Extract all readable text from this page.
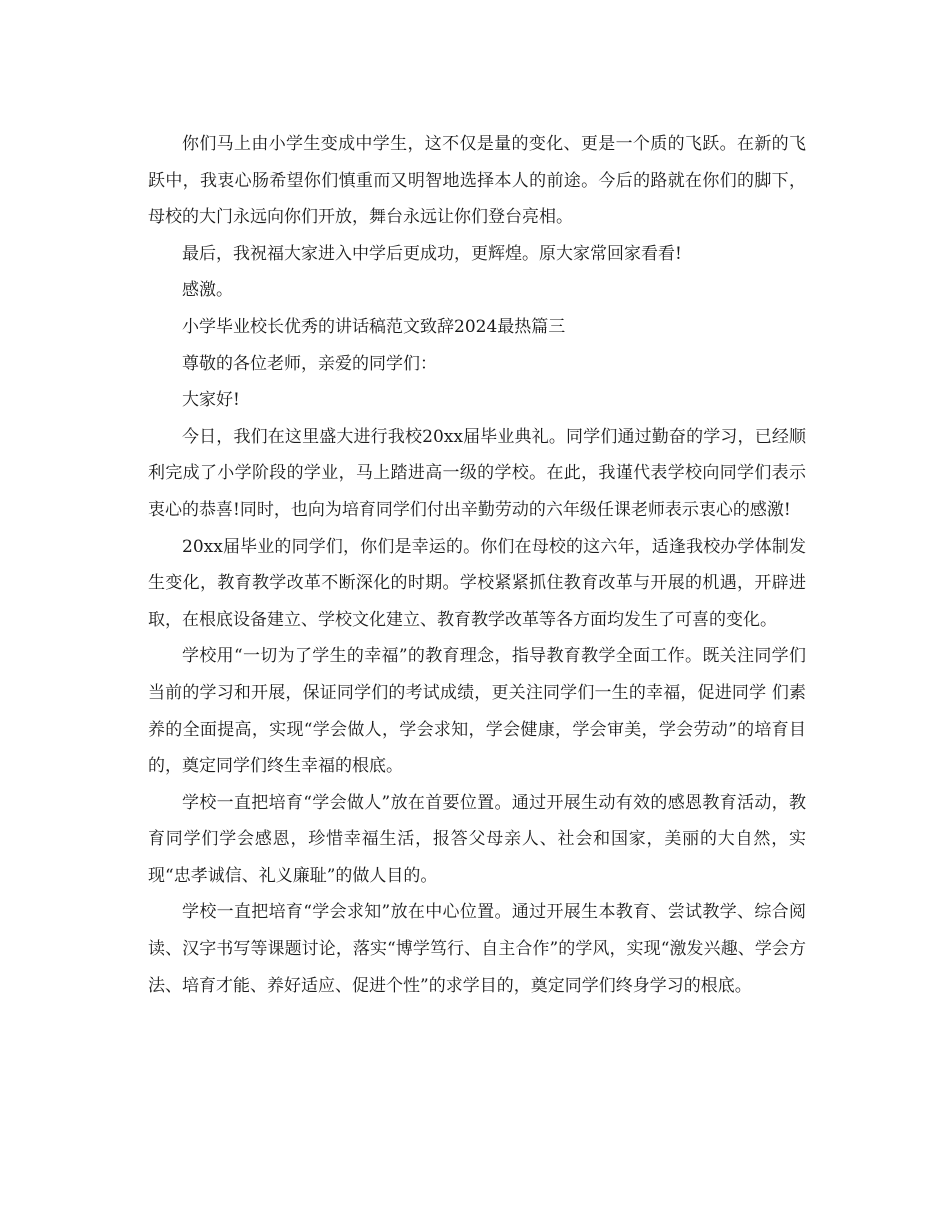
你们马上由小学生变成中学生，这不仅是量的变化、更是一个质的飞跃。在新的飞跃中，我衷心肠希望你们慎重而又明智地选择本人的前途。今后的路就在你们的脚下，母校的大门永远向你们开放，舞台永远让你们登台亮相。

最后，我祝福大家进入中学后更成功，更辉煌。原大家常回家看看!

感激。

小学毕业校长优秀的讲话稿范文致辞2024最热篇三

尊敬的各位老师，亲爱的同学们：

大家好!

今日，我们在这里盛大进行我校20xx届毕业典礼。同学们通过勤奋的学习，已经顺利完成了小学阶段的学业，马上踏进高一级的学校。在此，我谨代表学校向同学们表示衷心的恭喜!同时，也向为培育同学们付出辛勤劳动的六年级任课老师表示衷心的感激!

20xx届毕业的同学们，你们是幸运的。你们在母校的这六年，适逢我校办学体制发生变化，教育教学改革不断深化的时期。学校紧紧抓住教育改革与开展的机遇，开辟进取，在根底设备建立、学校文化建立、教育教学改革等各方面均发生了可喜的变化。

学校用“一切为了学生的幸福”的教育理念，指导教育教学全面工作。既关注同学们当前的学习和开展，保证同学们的考试成绩，更关注同学们一生的幸福，促进同学 们素养的全面提高，实现“学会做人，学会求知，学会健康，学会审美，学会劳动”的培育目的，奠定同学们终生幸福的根底。

学校一直把培育“学会做人”放在首要位置。通过开展生动有效的感恩教育活动，教育同学们学会感恩，珍惜幸福生活，报答父母亲人、社会和国家，美丽的大自然，实现“忠孝诚信、礼义廉耻”的做人目的。

学校一直把培育“学会求知”放在中心位置。通过开展生本教育、尝试教学、综合阅读、汉字书写等课题讨论，落实“博学笃行、自主合作”的学风，实现“激发兴趣、学会方法、培育才能、养好适应、促进个性”的求学目的，奠定同学们终身学习的根底。
